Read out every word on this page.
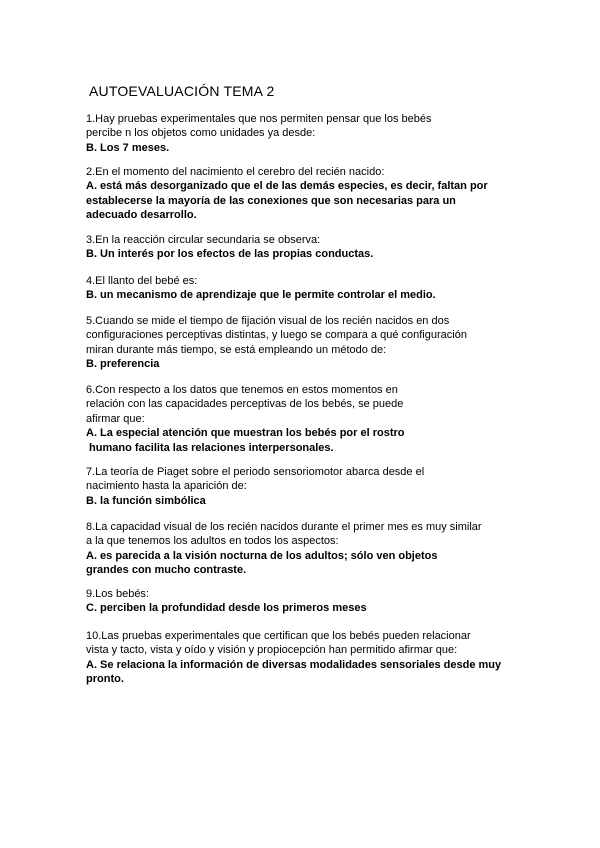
AUTOEVALUACIÓN TEMA 2
1.Hay pruebas experimentales que nos permiten pensar que los bebés
percibe n los objetos como unidades ya desde:
B. Los 7 meses.
2.En el momento del nacimiento el cerebro del recién nacido:
A. está más desorganizado que el de las demás especies, es decir, faltan por
establecerse la mayoría de las conexiones que son necesarias para un
adecuado desarrollo.
3.En la reacción circular secundaria se observa:
B. Un interés por los efectos de las propias conductas.
4.El llanto del bebé es:
B. un mecanismo de aprendizaje que le permite controlar el medio.
5.Cuando se mide el tiempo de fijación visual de los recién nacidos en dos
configuraciones perceptivas distintas, y luego se compara a qué configuración
miran durante más tiempo, se está empleando un método de:
B. preferencia
6.Con respecto a los datos que tenemos en estos momentos en
relación con las capacidades perceptivas de los bebés, se puede
afirmar que:
A. La especial atención que muestran los bebés por el rostro
humano facilita las relaciones interpersonales.
7.La teoría de Piaget sobre el periodo sensoriomotor abarca desde el
nacimiento hasta la aparición de:
B. la función simbólica
8.La capacidad visual de los recién nacidos durante el primer mes es muy similar
a la que tenemos los adultos en todos los aspectos:
A. es parecida a la visión nocturna de los adultos; sólo ven objetos
grandes con mucho contraste.
9.Los bebés:
C. perciben la profundidad desde los primeros meses
10.Las pruebas experimentales que certifican que los bebés pueden relacionar
vista y tacto, vista y oído y visión y propiocepción han permitido afirmar que:
A. Se relaciona la información de diversas modalidades sensoriales desde muy
pronto.
